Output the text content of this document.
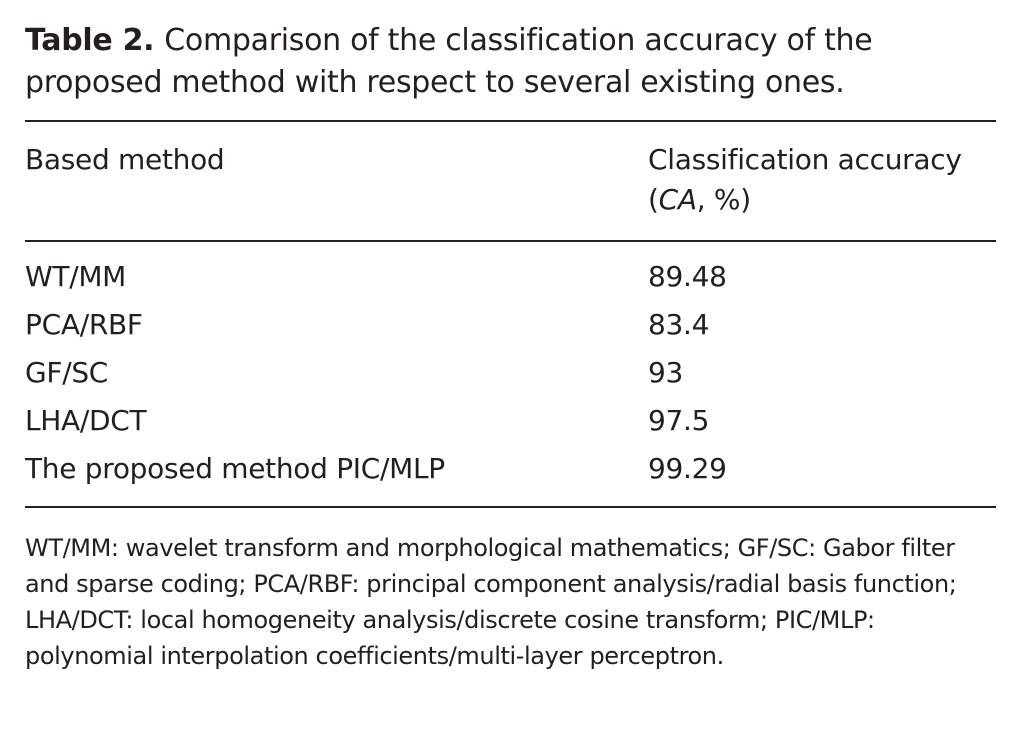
Table 2. Comparison of the classification accuracy of the proposed method with respect to several existing ones.
Based method	Classification accuracy
(CA, %)
WT/MM	89.48
PCA/RBF	83.4
GF/SC	93
LHA/DCT	97.5
The proposed method PIC/MLP	99.29
WT/MM: wavelet transform and morphological mathematics; GF/SC: Gabor filter and sparse coding; PCA/RBF: principal component analysis/radial basis function; LHA/DCT: local homogeneity analysis/discrete cosine transform; PIC/MLP: polynomial interpolation coefficients/multi-layer perceptron.
